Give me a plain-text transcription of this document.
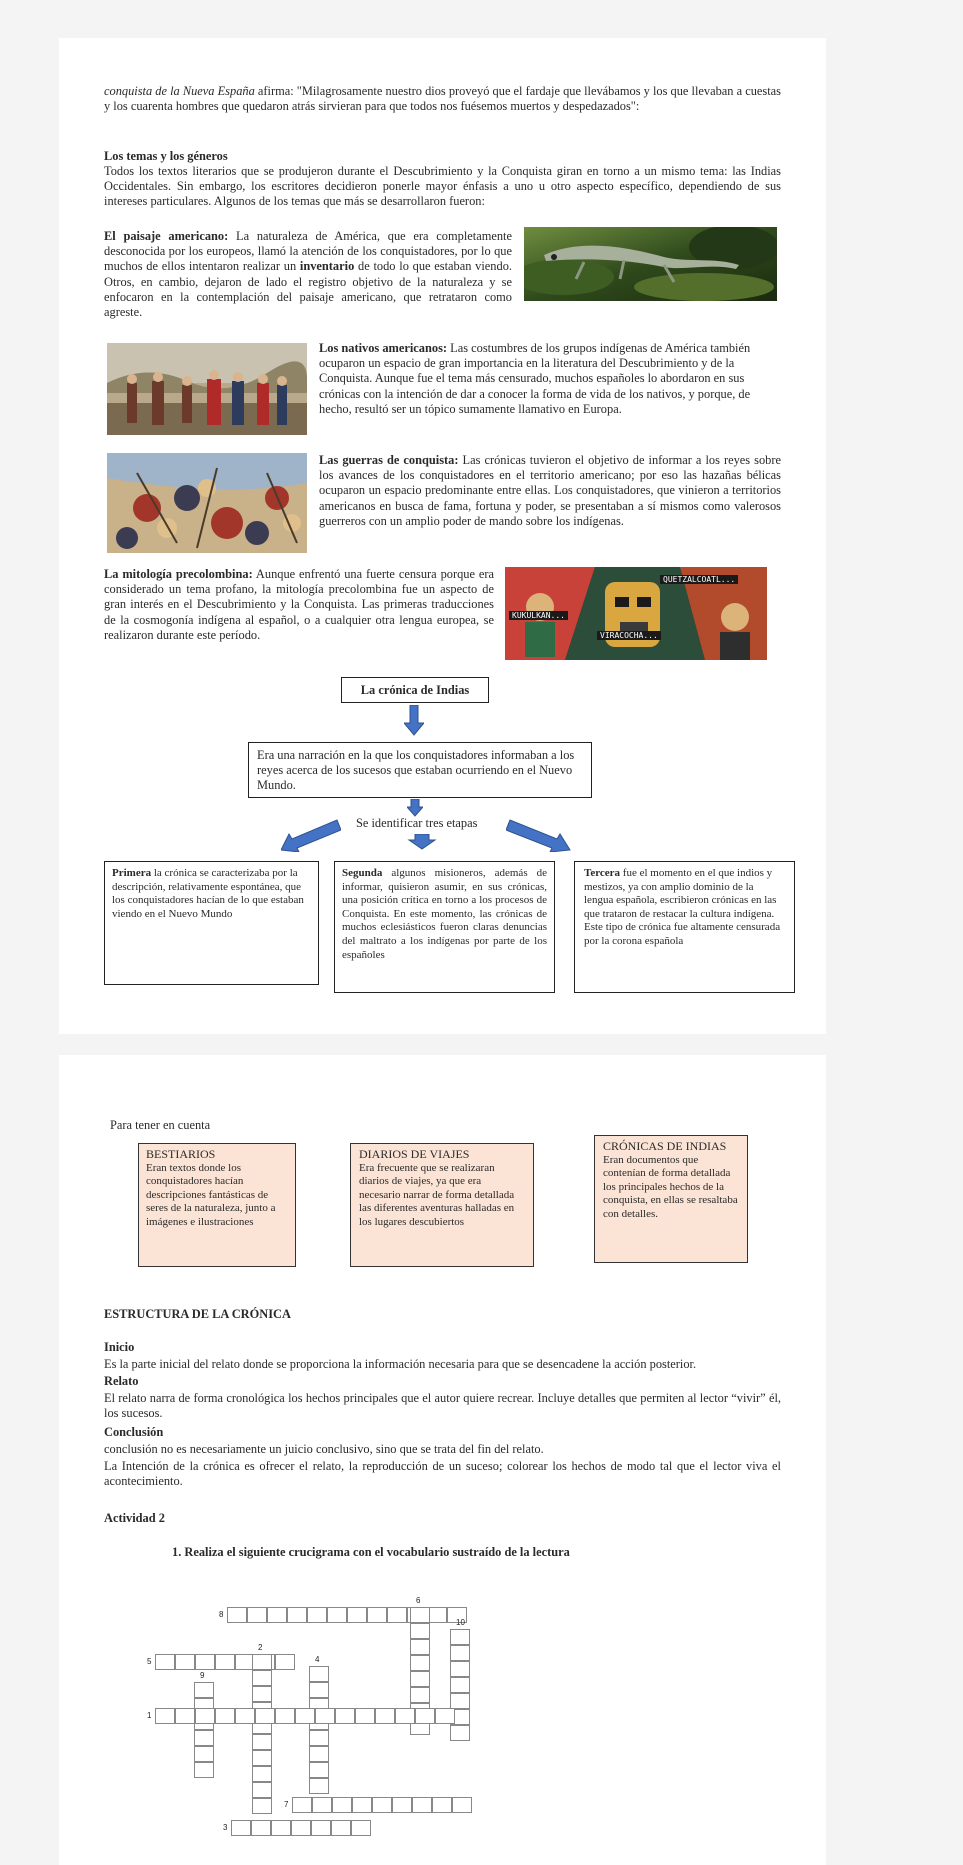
conquista de la Nueva España afirma: "Milagrosamente nuestro dios proveyó que el fardaje que llevábamos y los que llevaban a cuestas y los cuarenta hombres que quedaron atrás sirvieran para que todos nos fuésemos muertos y despedazados":

Los temas y los géneros

Todos los textos literarios que se produjeron durante el Descubrimiento y la Conquista giran en torno a un mismo tema: las Indias Occidentales. Sin embargo, los escritores decidieron ponerle mayor énfasis a uno u otro aspecto específico, dependiendo de sus intereses particulares. Algunos de los temas que más se desarrollaron fueron:

El paisaje americano: La naturaleza de América, que era completamente desconocida por los europeos, llamó la atención de los conquistadores, por lo que muchos de ellos intentaron realizar un inventario de todo lo que estaban viendo. Otros, en cambio, dejaron de lado el registro objetivo de la naturaleza y se enfocaron en la contemplación del paisaje americano, que retrataron como agreste.

Los nativos americanos: Las costumbres de los grupos indígenas de América también ocuparon un espacio de gran importancia en la literatura del Descubrimiento y de la Conquista. Aunque fue el tema más censurado, muchos españoles lo abordaron en sus crónicas con la intención de dar a conocer la forma de vida de los nativos, y porque, de hecho, resultó ser un tópico sumamente llamativo en Europa.

Las guerras de conquista: Las crónicas tuvieron el objetivo de informar a los reyes sobre los avances de los conquistadores en el territorio americano; por eso las hazañas bélicas ocuparon un espacio predominante entre ellas. Los conquistadores, que vinieron a territorios americanos en busca de fama, fortuna y poder, se presentaban a sí mismos como valerosos guerreros con un amplio poder de mando sobre los indígenas.

La mitología precolombina: Aunque enfrentó una fuerte censura porque era considerado un tema profano, la mitología precolombina fue un aspecto de gran interés en el Descubrimiento y la Conquista. Las primeras traducciones de la cosmogonía indígena al español, o a cualquier otra lengua europea, se realizaron durante este período.

QUETZALCOATL...
KUKULKAN...
VIRACOCHA...
La crónica de Indias

Era una narración en la que los conquistadores informaban a los reyes acerca de los sucesos que estaban ocurriendo en el Nuevo Mundo.

Se identificar tres etapas

Primera la crónica se caracterizaba por la descripción, relativamente espontánea, que los conquistadores hacían de lo que estaban viendo en el Nuevo Mundo

Segunda algunos misioneros, además de informar, quisieron asumir, en sus crónicas, una posición crítica en torno a los procesos de Conquista. En este momento, las crónicas de muchos eclesiásticos fueron claras denuncias del maltrato a los indígenas por parte de los españoles

Tercera fue el momento en el que indios y mestizos, ya con amplio dominio de la lengua española, escribieron crónicas en las que trataron de restacar la cultura indígena. Este tipo de crónica fue altamente censurada por la corona española

Para tener en cuenta

BESTIARIOS

Eran textos donde los conquistadores hacían descripciones fantásticas de seres de la naturaleza, junto a imágenes e ilustraciones

DIARIOS DE VIAJES

Era frecuente que se realizaran diarios de viajes, ya que era necesario narrar de forma detallada las diferentes aventuras halladas en los lugares descubiertos

CRÓNICAS DE INDIAS

Eran documentos que contenían de forma detallada los principales hechos de la conquista, en ellas se resaltaba con detalles.

ESTRUCTURA DE LA CRÓNICA

Inicio

Es la parte inicial del relato donde se proporciona la información necesaria para que se desencadene la acción posterior.

Relato

El relato narra de forma cronológica los hechos principales que el autor quiere recrear. Incluye detalles que permiten al lector “vivir” él, los sucesos.

Conclusión

conclusión no es necesariamente un juicio conclusivo, sino que se trata del fin del relato.

La Intención de la crónica es ofrecer el relato, la reproducción de un suceso; colorear los hechos de modo tal que el lector viva el acontecimiento.

Actividad 2

1. Realiza el siguiente crucigrama con el vocabulario sustraído de la lectura

8
6
10
5
2
4
9
1
7
3
